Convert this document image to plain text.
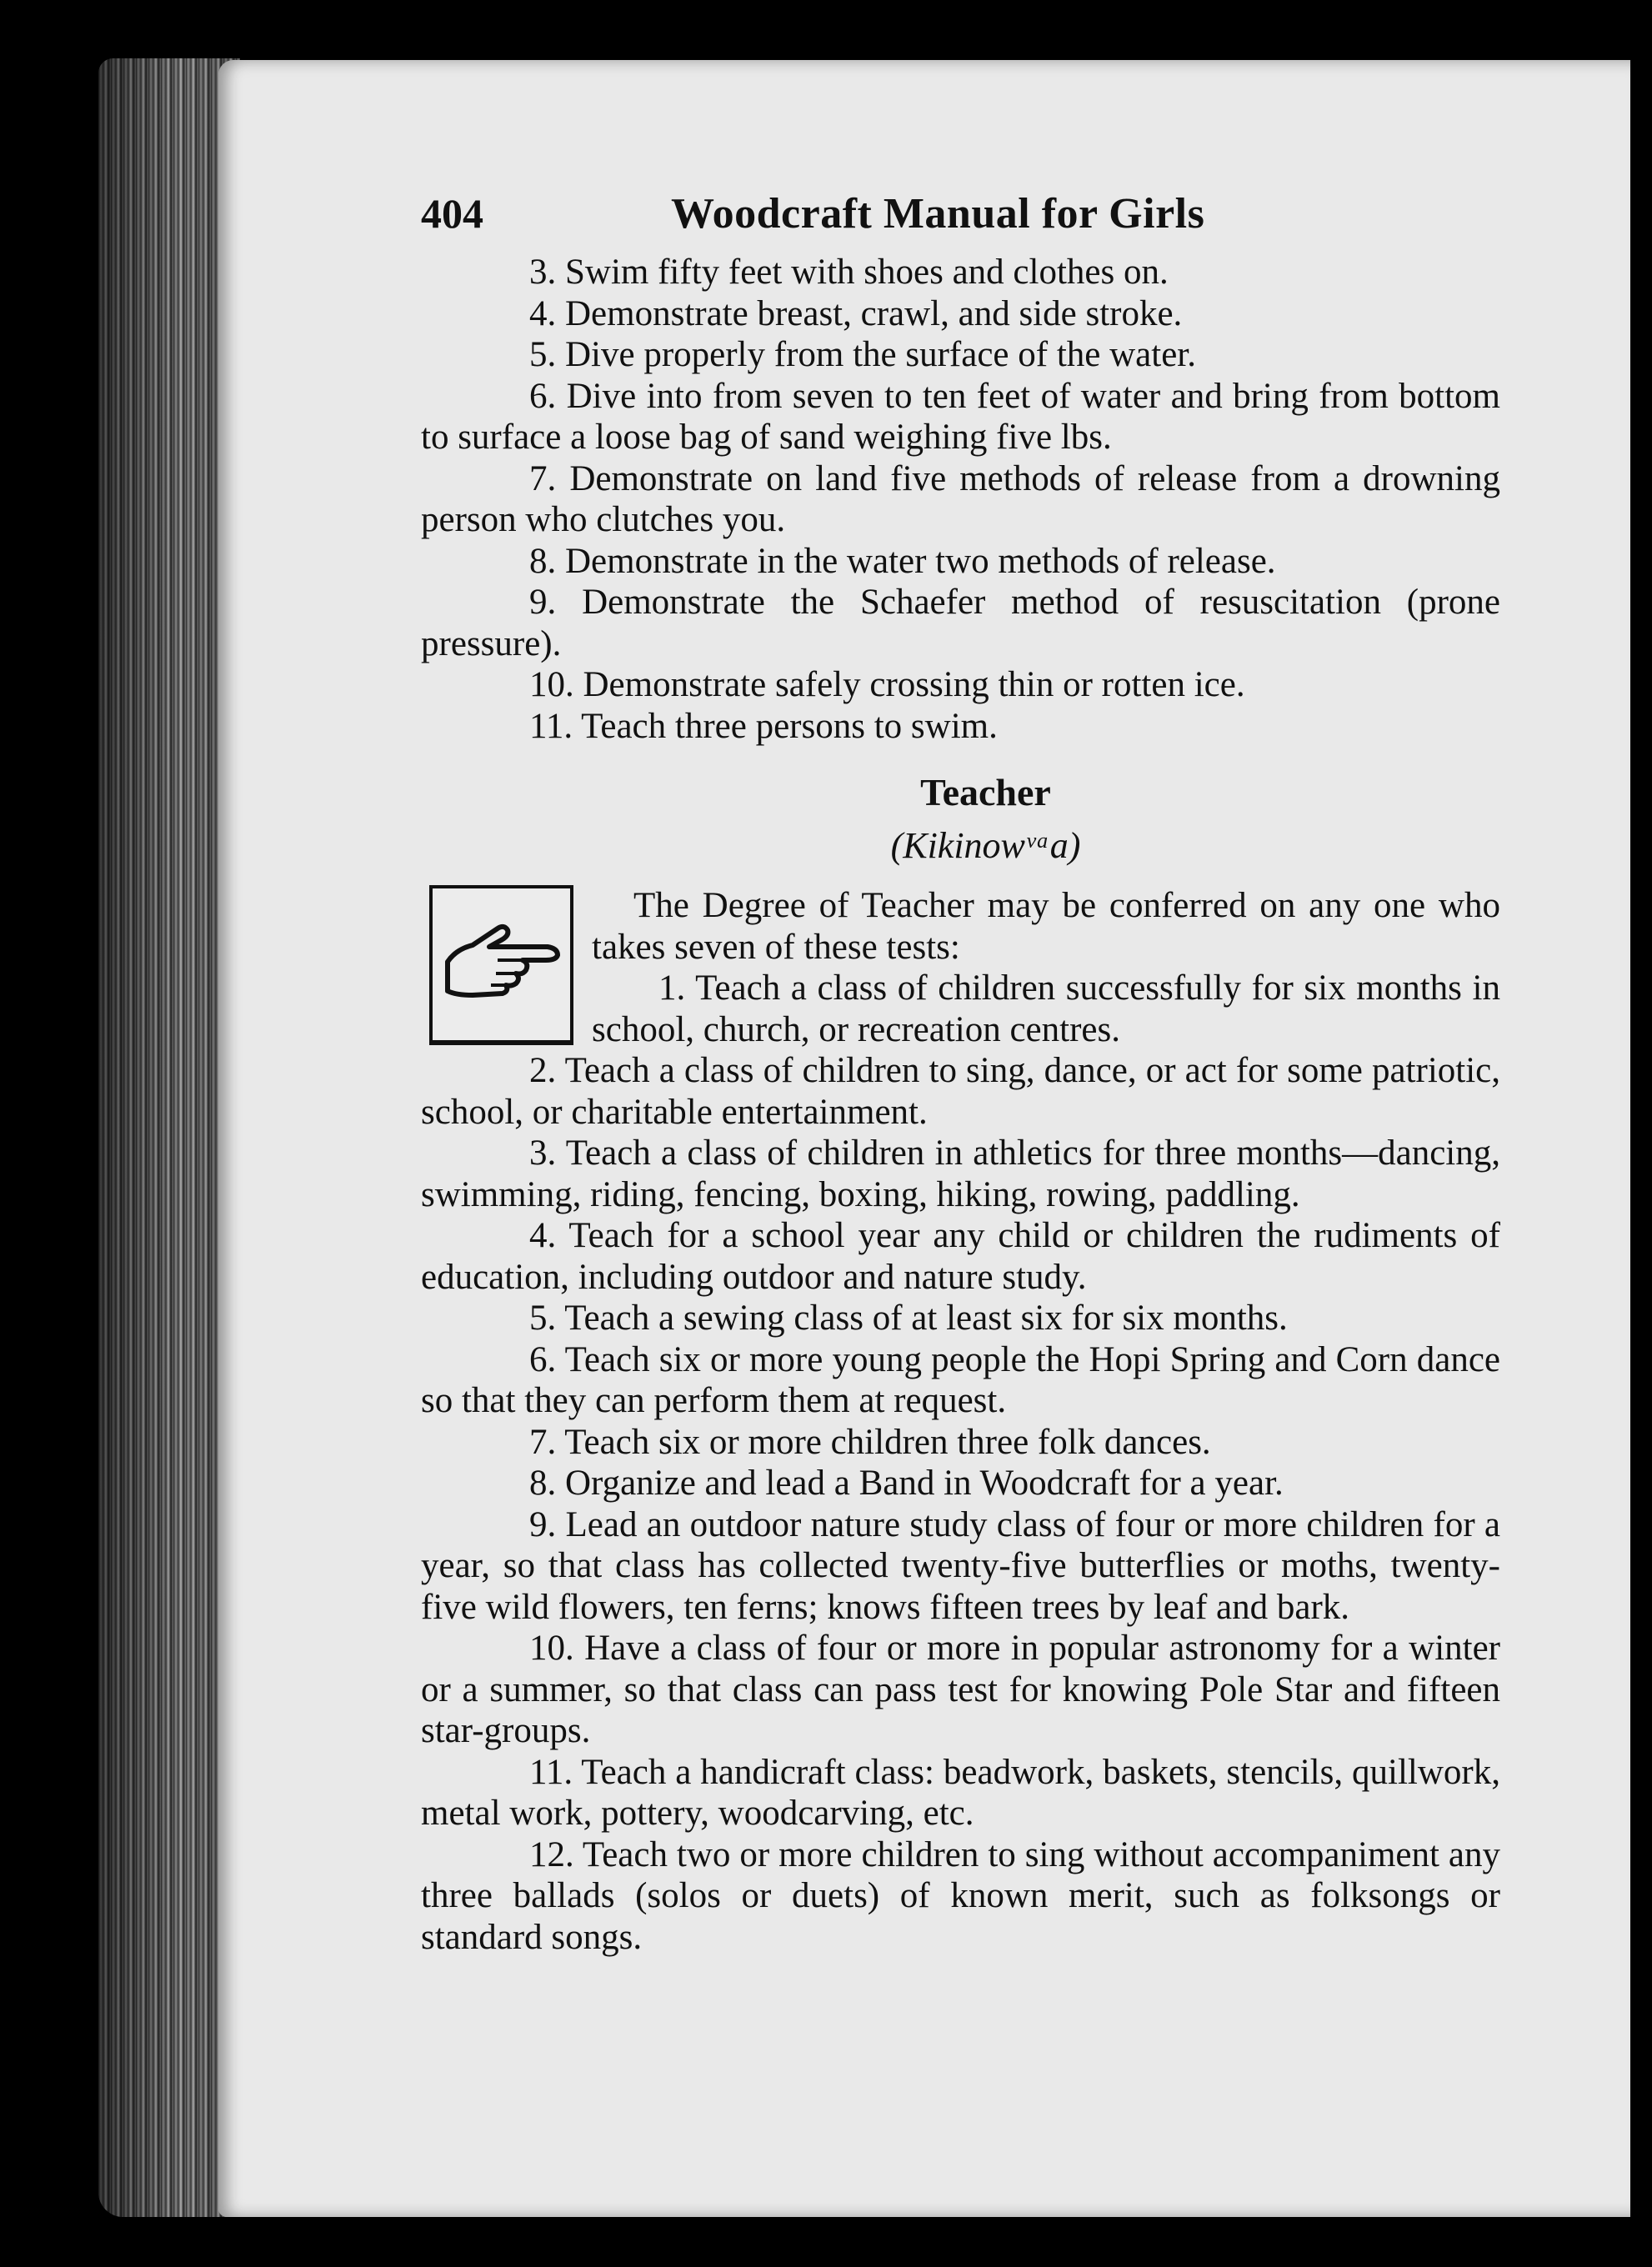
404	Woodcraft Manual for Girls

3. Swim fifty feet with shoes and clothes on.

4. Demonstrate breast, crawl, and side stroke.

5. Dive properly from the surface of the water.

6. Dive into from seven to ten feet of water and bring from bottom to surface a loose bag of sand weighing five lbs.

7. Demonstrate on land five methods of release from a drowning person who clutches you.

8. Demonstrate in the water two methods of release.

9. Demonstrate the Schaefer method of resuscitation (prone pressure).

10. Demonstrate safely crossing thin or rotten ice.

11. Teach three persons to swim.

Teacher
(Kikinowᵛᵃa)

The Degree of Teacher may be conferred on any one who takes seven of these tests:

1. Teach a class of children successfully for six months in school, church, or recreation centres.

2. Teach a class of children to sing, dance, or act for some patriotic, school, or charitable entertainment.

3. Teach a class of children in athletics for three months—dancing, swimming, riding, fencing, boxing, hiking, rowing, paddling.

4. Teach for a school year any child or children the rudiments of education, including outdoor and nature study.

5. Teach a sewing class of at least six for six months.

6. Teach six or more young people the Hopi Spring and Corn dance so that they can perform them at request.

7. Teach six or more children three folk dances.

8. Organize and lead a Band in Woodcraft for a year.

9. Lead an outdoor nature study class of four or more children for a year, so that class has collected twenty-five butterflies or moths, twenty-five wild flowers, ten ferns; knows fifteen trees by leaf and bark.

10. Have a class of four or more in popular astronomy for a winter or a summer, so that class can pass test for knowing Pole Star and fifteen star-groups.

11. Teach a handicraft class: beadwork, baskets, stencils, quillwork, metal work, pottery, woodcarving, etc.

12. Teach two or more children to sing without accompaniment any three ballads (solos or duets) of known merit, such as folksongs or standard songs.
